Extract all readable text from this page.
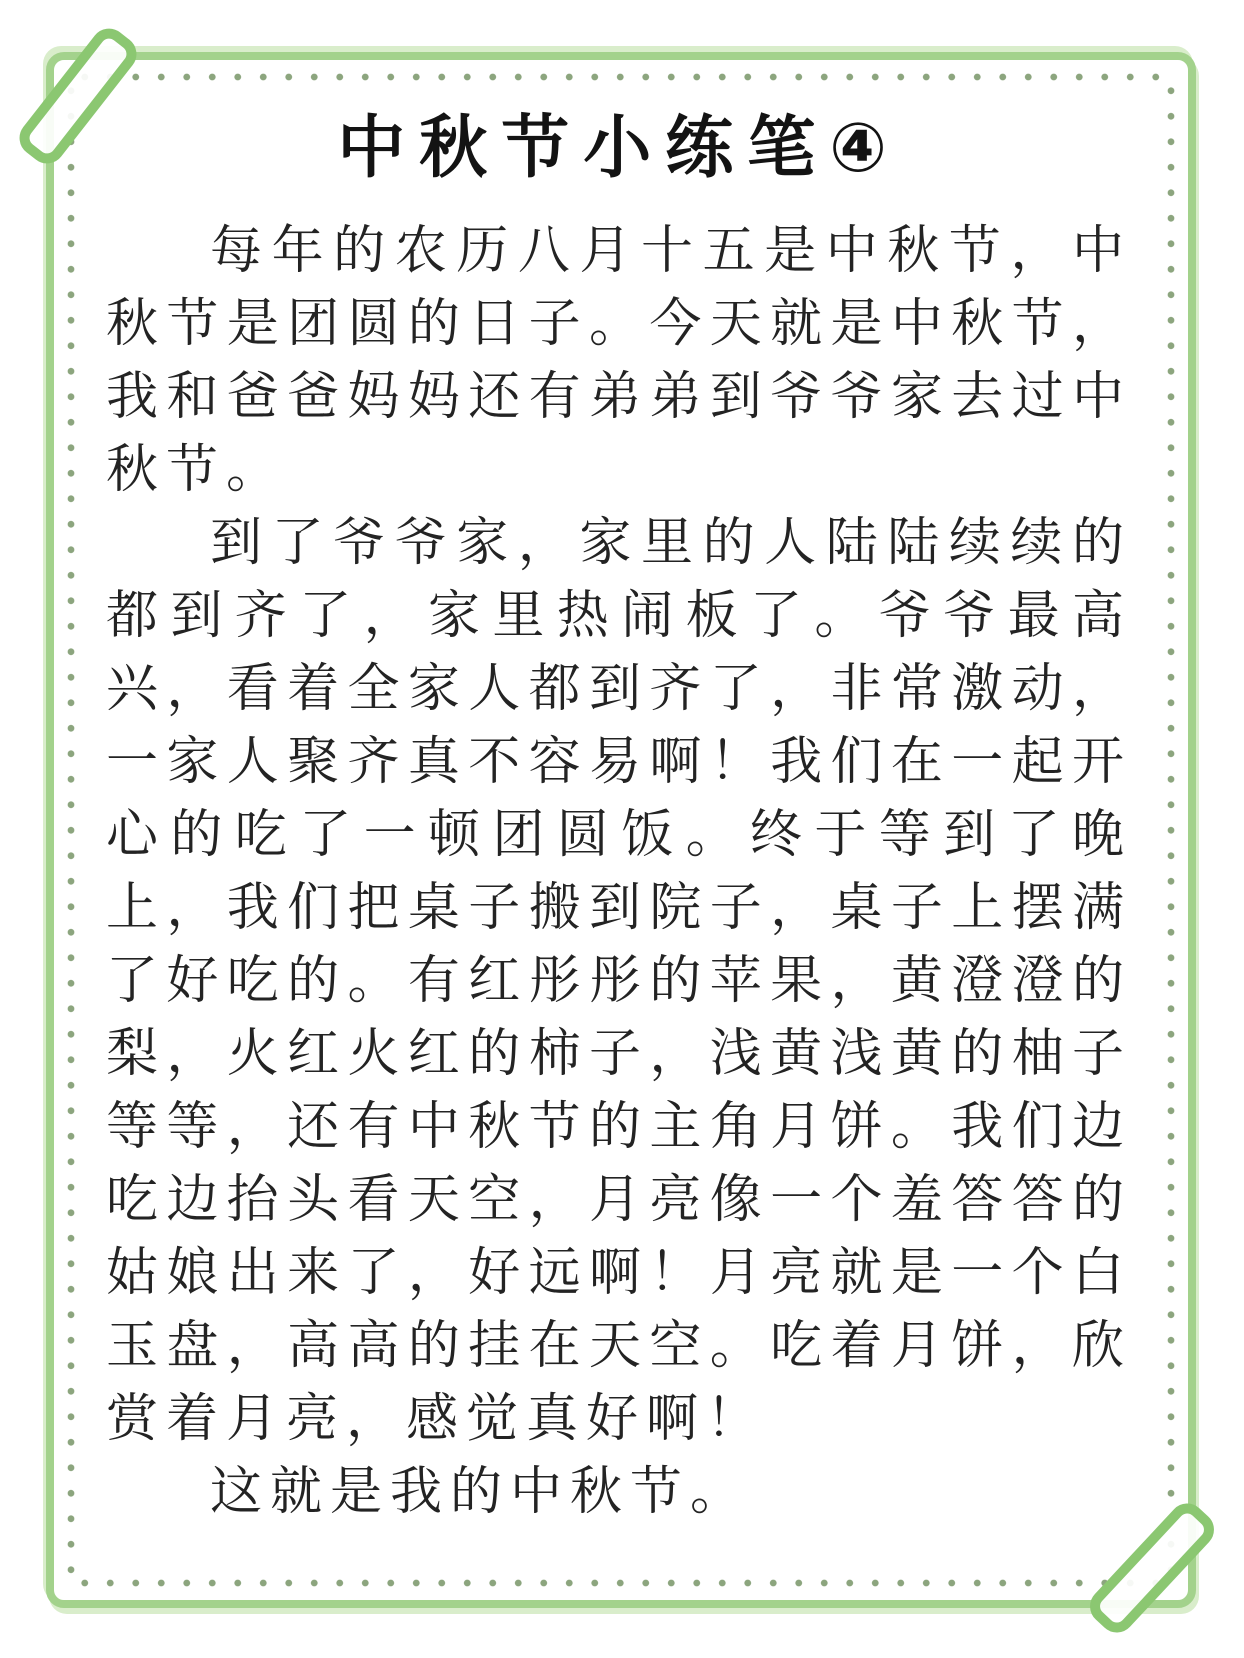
中秋节小练笔④

每年的农历八月十五是中秋节，中秋节是团圆的日子。今天就是中秋节，我和爸爸妈妈还有弟弟到爷爷家去过中秋节。

到了爷爷家，家里的人陆陆续续的都到齐了，家里热闹板了。爷爷最高兴，看着全家人都到齐了，非常激动，一家人聚齐真不容易啊！我们在一起开心的吃了一顿团圆饭。终于等到了晚上，我们把桌子搬到院子，桌子上摆满了好吃的。有红彤彤的苹果，黄澄澄的梨，火红火红的柿子，浅黄浅黄的柚子等等，还有中秋节的主角月饼。我们边吃边抬头看天空，月亮像一个羞答答的姑娘出来了，好远啊！月亮就是一个白玉盘，高高的挂在天空。吃着月饼，欣赏着月亮，感觉真好啊！

这就是我的中秋节。
